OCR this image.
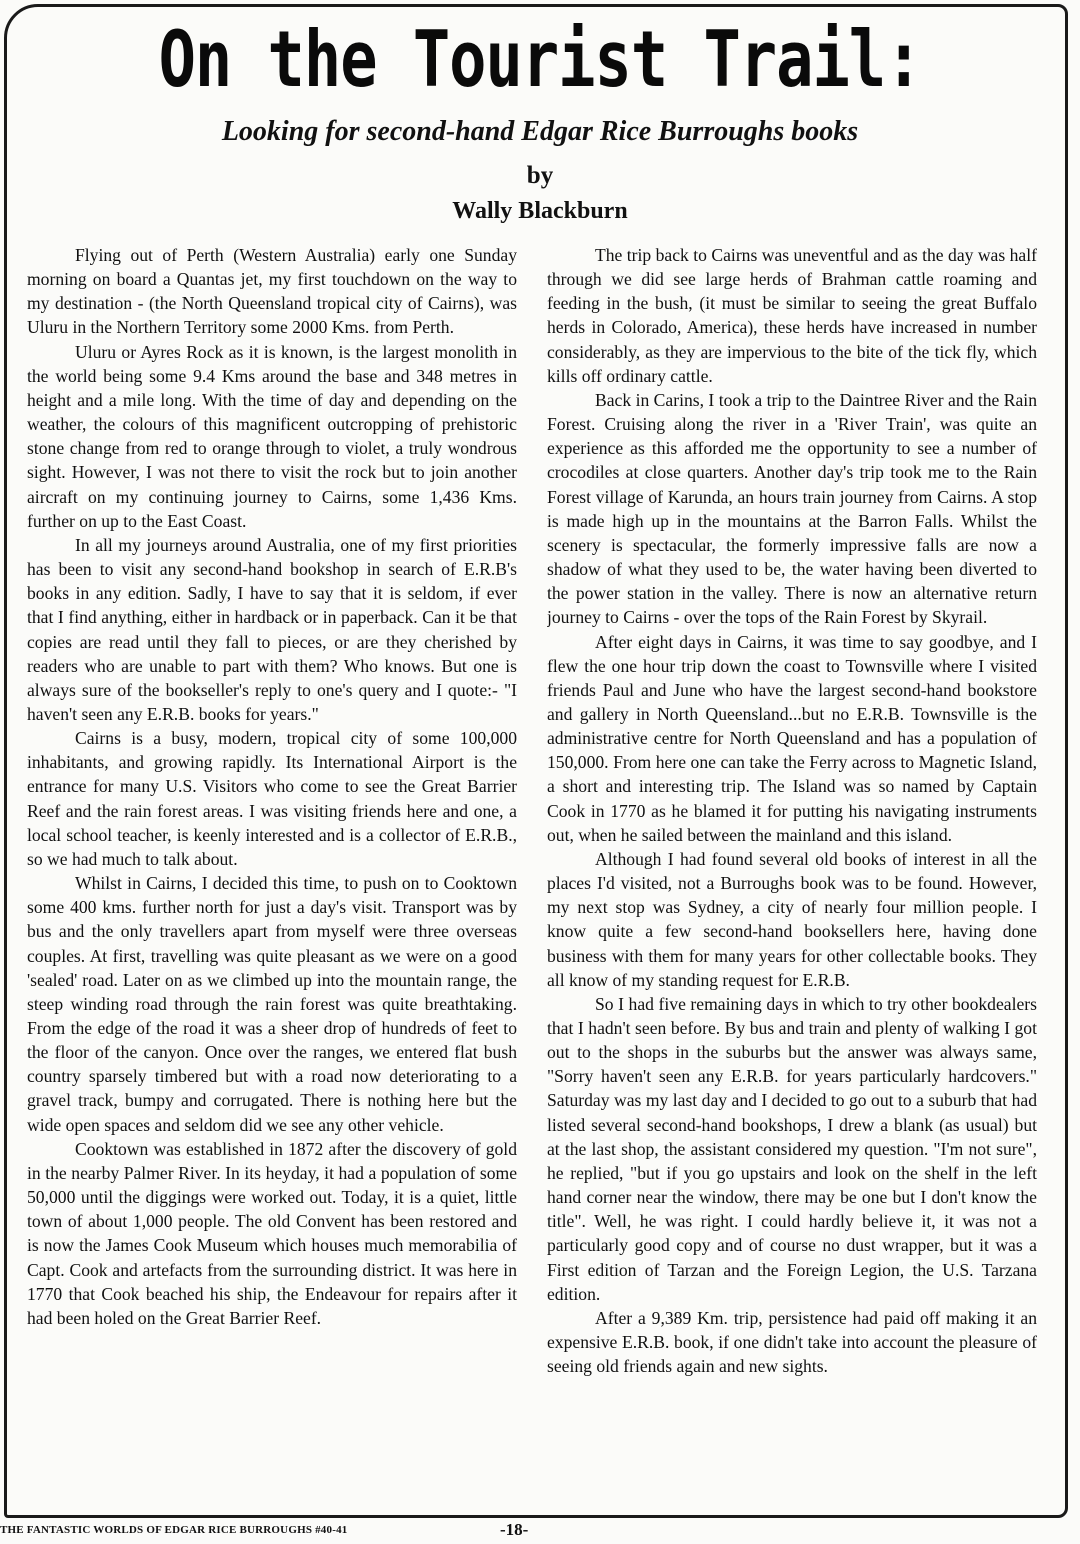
On the Tourist Trail:
Looking for second-hand Edgar Rice Burroughs books
by
Wally Blackburn

Flying out of Perth (Western Australia) early one Sunday morning on board a Quantas jet, my first touchdown on the way to my destination - (the North Queensland tropical city of Cairns), was Uluru in the Northern Territory some 2000 Kms. from Perth.

Uluru or Ayres Rock as it is known, is the largest monolith in the world being some 9.4 Kms around the base and 348 metres in height and a mile long. With the time of day and depending on the weather, the colours of this magnificent outcropping of prehistoric stone change from red to orange through to violet, a truly wondrous sight. However, I was not there to visit the rock but to join another aircraft on my continuing journey to Cairns, some 1,436 Kms. further on up to the East Coast.

In all my journeys around Australia, one of my first priorities has been to visit any second-hand bookshop in search of E.R.B's books in any edition. Sadly, I have to say that it is seldom, if ever that I find anything, either in hardback or in paperback. Can it be that copies are read until they fall to pieces, or are they cherished by readers who are unable to part with them? Who knows. But one is always sure of the bookseller's reply to one's query and I quote:- "I haven't seen any E.R.B. books for years."

Cairns is a busy, modern, tropical city of some 100,000 inhabitants, and growing rapidly. Its International Airport is the entrance for many U.S. Visitors who come to see the Great Barrier Reef and the rain forest areas. I was visiting friends here and one, a local school teacher, is keenly interested and is a collector of E.R.B., so we had much to talk about.

Whilst in Cairns, I decided this time, to push on to Cooktown some 400 kms. further north for just a day's visit. Transport was by bus and the only travellers apart from myself were three overseas couples. At first, travelling was quite pleasant as we were on a good 'sealed' road. Later on as we climbed up into the mountain range, the steep winding road through the rain forest was quite breathtaking. From the edge of the road it was a sheer drop of hundreds of feet to the floor of the canyon. Once over the ranges, we entered flat bush country sparsely timbered but with a road now deteriorating to a gravel track, bumpy and corrugated. There is nothing here but the wide open spaces and seldom did we see any other vehicle.

Cooktown was established in 1872 after the discovery of gold in the nearby Palmer River. In its heyday, it had a population of some 50,000 until the diggings were worked out. Today, it is a quiet, little town of about 1,000 people. The old Convent has been restored and is now the James Cook Museum which houses much memorabilia of Capt. Cook and artefacts from the surrounding district. It was here in 1770 that Cook beached his ship, the Endeavour for repairs after it had been holed on the Great Barrier Reef.

The trip back to Cairns was uneventful and as the day was half through we did see large herds of Brahman cattle roaming and feeding in the bush, (it must be similar to seeing the great Buffalo herds in Colorado, America), these herds have increased in number considerably, as they are impervious to the bite of the tick fly, which kills off ordinary cattle.

Back in Carins, I took a trip to the Daintree River and the Rain Forest. Cruising along the river in a 'River Train', was quite an experience as this afforded me the opportunity to see a number of crocodiles at close quarters. Another day's trip took me to the Rain Forest village of Karunda, an hours train journey from Cairns. A stop is made high up in the mountains at the Barron Falls. Whilst the scenery is spectacular, the formerly impressive falls are now a shadow of what they used to be, the water having been diverted to the power station in the valley. There is now an alternative return journey to Cairns - over the tops of the Rain Forest by Skyrail.

After eight days in Cairns, it was time to say goodbye, and I flew the one hour trip down the coast to Townsville where I visited friends Paul and June who have the largest second-hand bookstore and gallery in North Queensland...but no E.R.B. Townsville is the administrative centre for North Queensland and has a population of 150,000. From here one can take the Ferry across to Magnetic Island, a short and interesting trip. The Island was so named by Captain Cook in 1770 as he blamed it for putting his navigating instruments out, when he sailed between the mainland and this island.

Although I had found several old books of interest in all the places I'd visited, not a Burroughs book was to be found. However, my next stop was Sydney, a city of nearly four million people. I know quite a few second-hand booksellers here, having done business with them for many years for other collectable books. They all know of my standing request for E.R.B.

So I had five remaining days in which to try other bookdealers that I hadn't seen before. By bus and train and plenty of walking I got out to the shops in the suburbs but the answer was always same, "Sorry haven't seen any E.R.B. for years particularly hardcovers." Saturday was my last day and I decided to go out to a suburb that had listed several second-hand bookshops, I drew a blank (as usual) but at the last shop, the assistant considered my question. "I'm not sure", he replied, "but if you go upstairs and look on the shelf in the left hand corner near the window, there may be one but I don't know the title". Well, he was right. I could hardly believe it, it was not a particularly good copy and of course no dust wrapper, but it was a First edition of Tarzan and the Foreign Legion, the U.S. Tarzana edition.

After a 9,389 Km. trip, persistence had paid off making it an expensive E.R.B. book, if one didn't take into account the pleasure of seeing old friends again and new sights.

THE FANTASTIC WORLDS OF EDGAR RICE BURROUGHS #40-41	-18-
